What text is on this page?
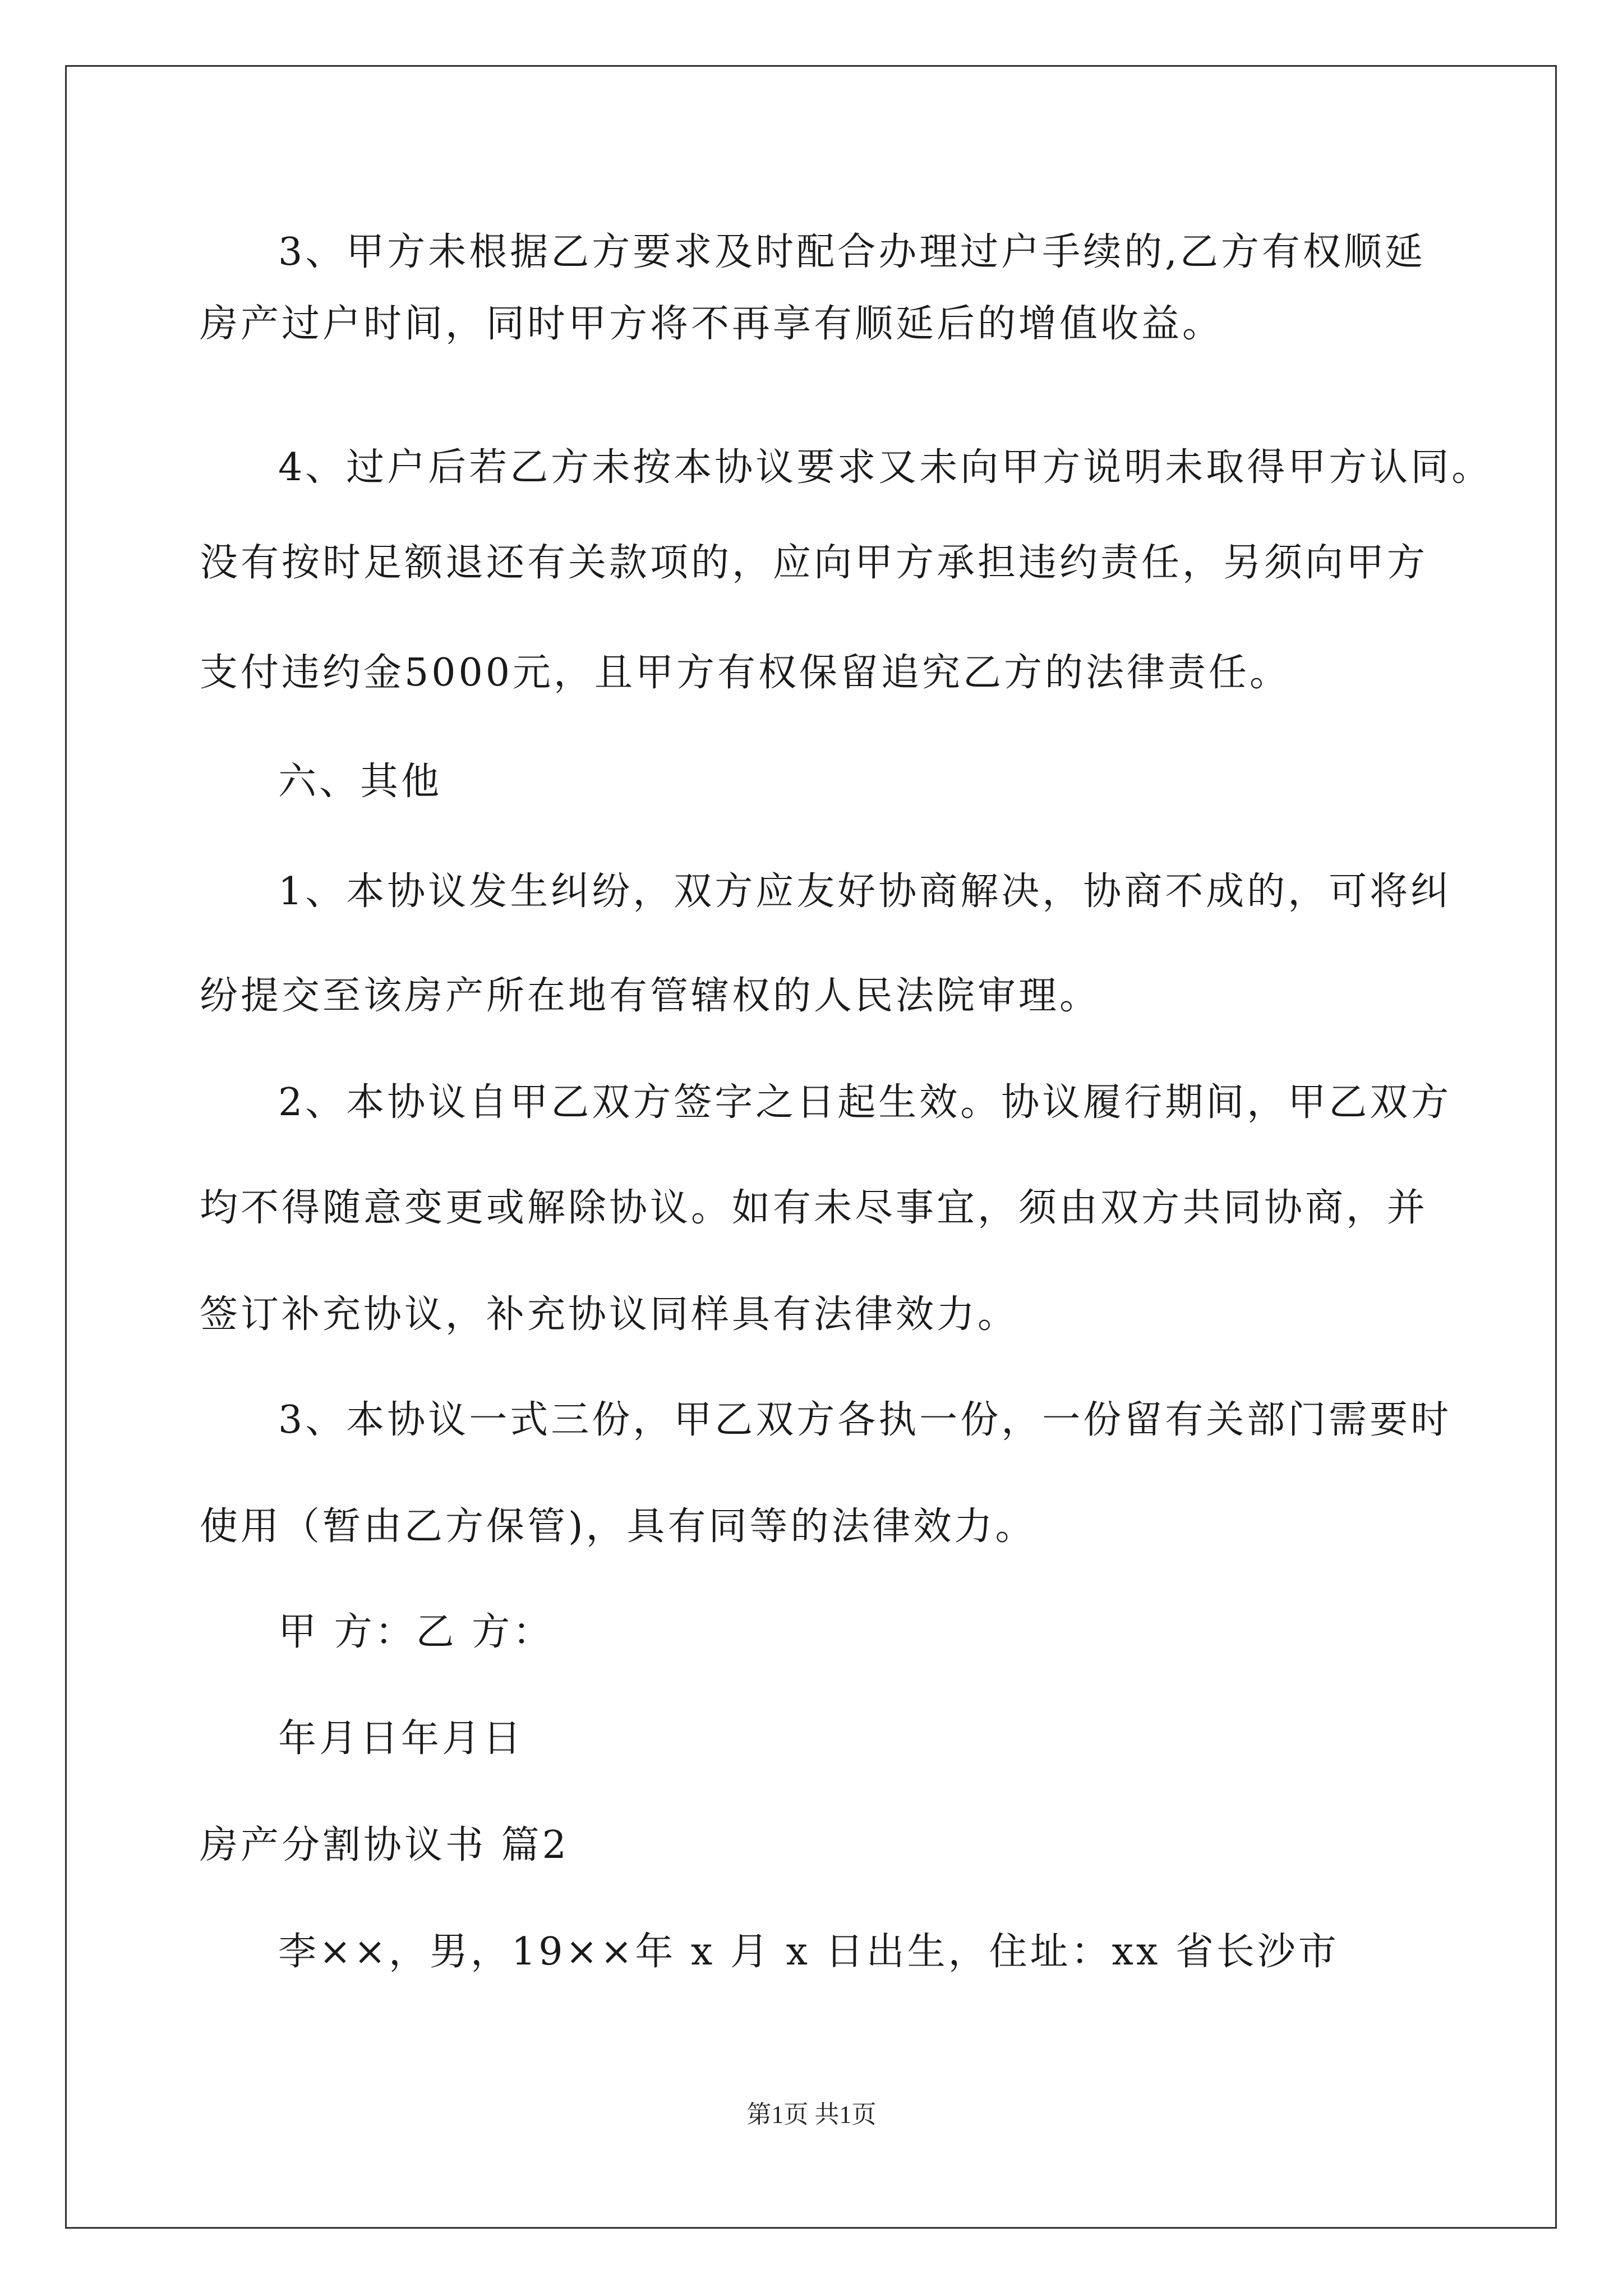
3、甲方未根据乙方要求及时配合办理过户手续的,乙方有权顺延
房产过户时间，同时甲方将不再享有顺延后的增值收益。
4、过户后若乙方未按本协议要求又未向甲方说明未取得甲方认同。
没有按时足额退还有关款项的，应向甲方承担违约责任，另须向甲方
支付违约金5000元，且甲方有权保留追究乙方的法律责任。
六、其他
1、本协议发生纠纷，双方应友好协商解决，协商不成的，可将纠
纷提交至该房产所在地有管辖权的人民法院审理。
2、本协议自甲乙双方签字之日起生效。协议履行期间，甲乙双方
均不得随意变更或解除协议。如有未尽事宜，须由双方共同协商，并
签订补充协议，补充协议同样具有法律效力。
3、本协议一式三份，甲乙双方各执一份，一份留有关部门需要时
使用（暂由乙方保管)，具有同等的法律效力。
甲 方：乙 方：
年月日年月日
房产分割协议书 篇2
李××，男，19××年 x 月 x 日出生，住址：xx 省长沙市
第1页 共1页
